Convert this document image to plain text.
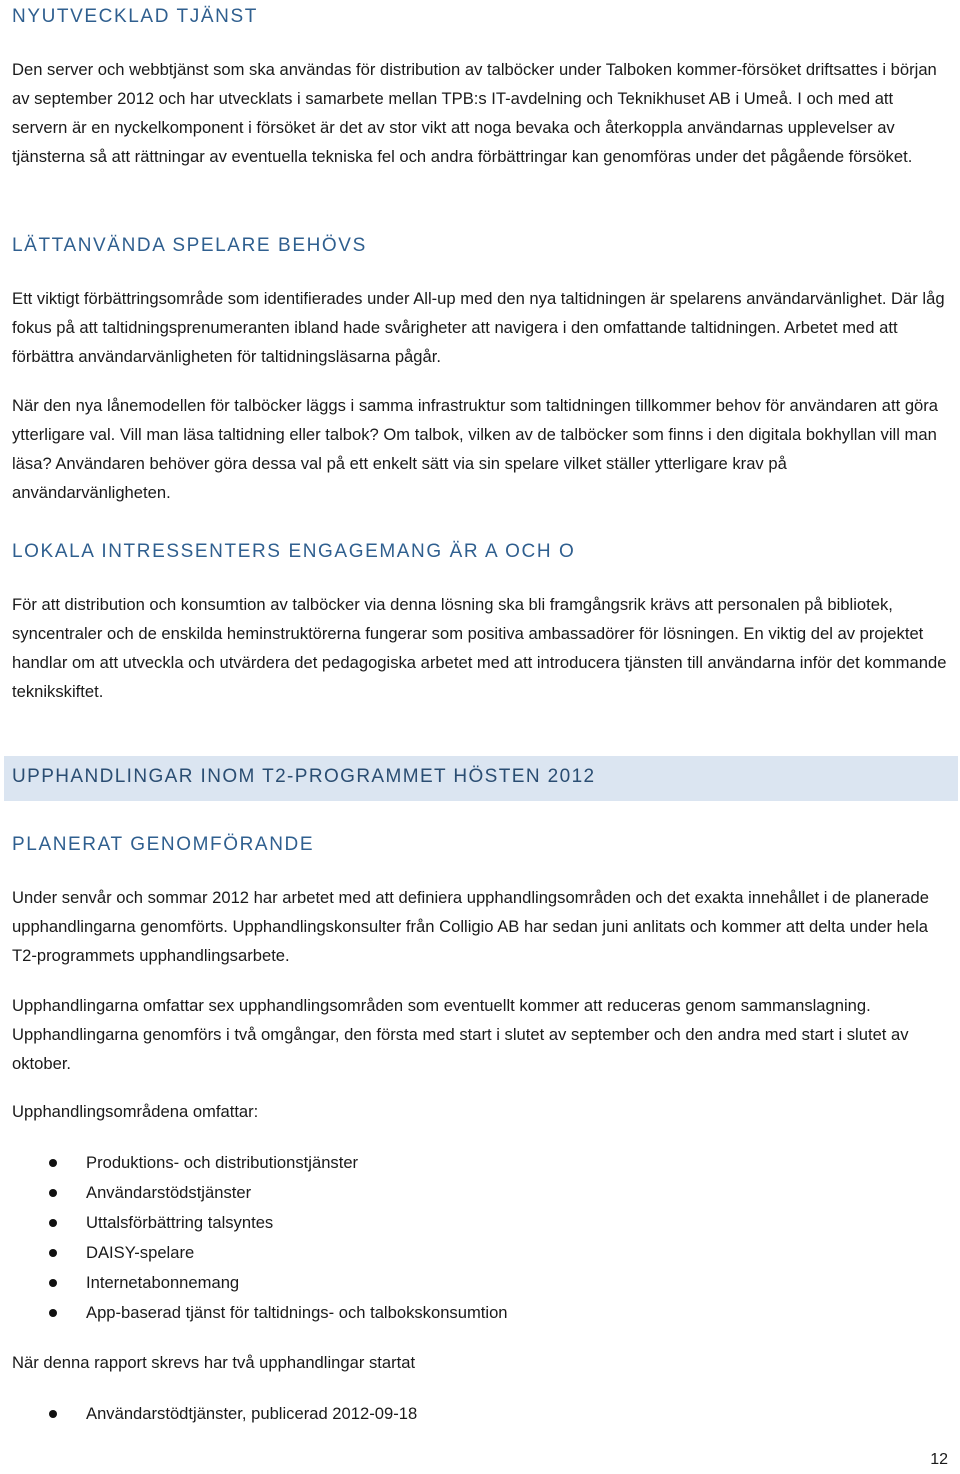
NYUTVECKLAD TJÄNST

Den server och webbtjänst som ska användas för distribution av talböcker under Talboken kommer-försöket driftsattes i början av september 2012 och har utvecklats i samarbete mellan TPB:s IT-avdelning och Teknikhuset AB i Umeå. I och med att servern är en nyckelkomponent i försöket är det av stor vikt att noga bevaka och återkoppla användarnas upplevelser av tjänsterna så att rättningar av eventuella tekniska fel och andra förbättringar kan genomföras under det pågående försöket.

LÄTTANVÄNDA SPELARE BEHÖVS

Ett viktigt förbättringsområde som identifierades under All-up med den nya taltidningen är spelarens användarvänlighet. Där låg fokus på att taltidningsprenumeranten ibland hade svårigheter att navigera i den omfattande taltidningen. Arbetet med att förbättra användarvänligheten för taltidningsläsarna pågår.

När den nya lånemodellen för talböcker läggs i samma infrastruktur som taltidningen tillkommer behov för användaren att göra ytterligare val. Vill man läsa taltidning eller talbok? Om talbok, vilken av de talböcker som finns i den digitala bokhyllan vill man läsa? Användaren behöver göra dessa val på ett enkelt sätt via sin spelare vilket ställer ytterligare krav på användarvänligheten.

LOKALA INTRESSENTERS ENGAGEMANG ÄR A OCH O

För att distribution och konsumtion av talböcker via denna lösning ska bli framgångsrik krävs att personalen på bibliotek, syncentraler och de enskilda heminstruktörerna fungerar som positiva ambassadörer för lösningen. En viktig del av projektet handlar om att utveckla och utvärdera det pedagogiska arbetet med att introducera tjänsten till användarna inför det kommande teknikskiftet.

UPPHANDLINGAR INOM T2-PROGRAMMET HÖSTEN 2012
PLANERAT GENOMFÖRANDE

Under senvår och sommar 2012 har arbetet med att definiera upphandlingsområden och det exakta innehållet i de planerade upphandlingarna genomförts. Upphandlingskonsulter från Colligio AB har sedan juni anlitats och kommer att delta under hela T2-programmets upphandlingsarbete.

Upphandlingarna omfattar sex upphandlingsområden som eventuellt kommer att reduceras genom sammanslagning. Upphandlingarna genomförs i två omgångar, den första med start i slutet av september och den andra med start i slutet av oktober.

Upphandlingsområdena omfattar:

Produktions- och distributionstjänster
Användarstödstjänster
Uttalsförbättring talsyntes
DAISY-spelare
Internetabonnemang
App-baserad tjänst för taltidnings- och talbokskonsumtion

När denna rapport skrevs har två upphandlingar startat

Användarstödtjänster, publicerad 2012-09-18
12
